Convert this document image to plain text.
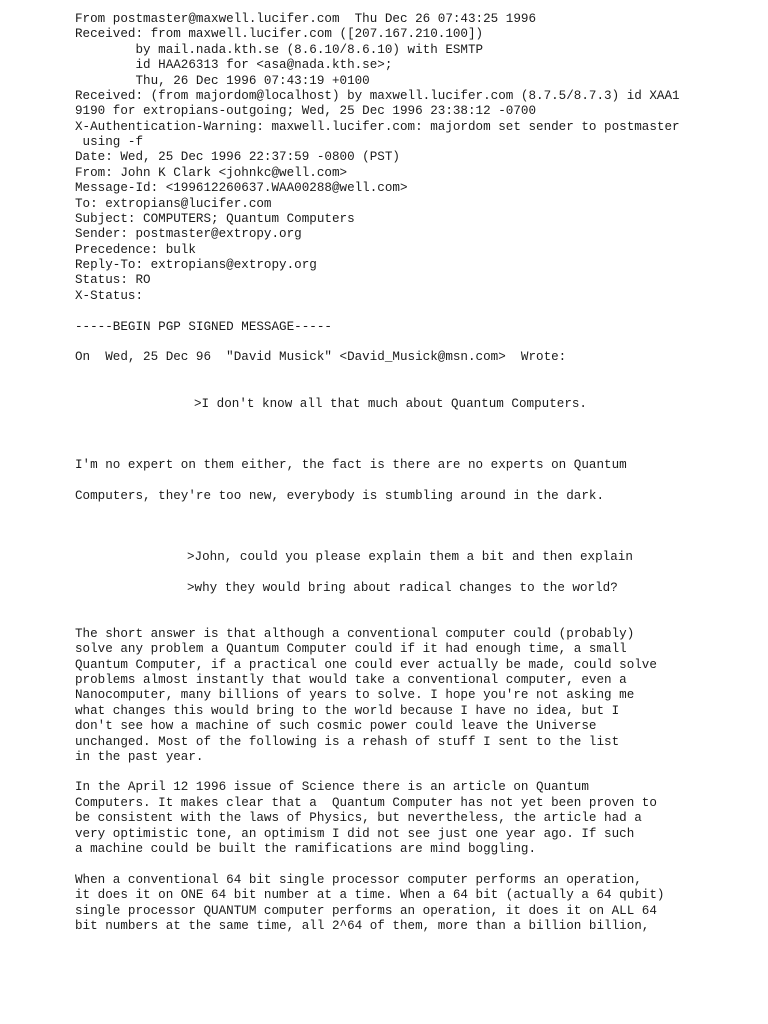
From postmaster@maxwell.lucifer.com  Thu Dec 26 07:43:25 1996

Received: from maxwell.lucifer.com ([207.167.210.100])

by mail.nada.kth.se (8.6.10/8.6.10) with ESMTP

id HAA26313 for <asa@nada.kth.se>;

Thu, 26 Dec 1996 07:43:19 +0100

Received: (from majordom@localhost) by maxwell.lucifer.com (8.7.5/8.7.3) id XAA1

9190 for extropians-outgoing; Wed, 25 Dec 1996 23:38:12 -0700

X-Authentication-Warning: maxwell.lucifer.com: majordom set sender to postmaster

using -f

Date: Wed, 25 Dec 1996 22:37:59 -0800 (PST)

From: John K Clark <johnkc@well.com>

Message-Id: <199612260637.WAA00288@well.com>

To: extropians@lucifer.com

Subject: COMPUTERS; Quantum Computers

Sender: postmaster@extropy.org

Precedence: bulk

Reply-To: extropians@extropy.org

Status: RO

X-Status:

-----BEGIN PGP SIGNED MESSAGE-----

On  Wed, 25 Dec 96  "David Musick" <David_Musick@msn.com>  Wrote:

>I don't know all that much about Quantum Computers.

I'm no expert on them either, the fact is there are no experts on Quantum

Computers, they're too new, everybody is stumbling around in the dark.

>John, could you please explain them a bit and then explain

>why they would bring about radical changes to the world?

The short answer is that although a conventional computer could (probably)

solve any problem a Quantum Computer could if it had enough time, a small

Quantum Computer, if a practical one could ever actually be made, could solve

problems almost instantly that would take a conventional computer, even a

Nanocomputer, many billions of years to solve. I hope you're not asking me

what changes this would bring to the world because I have no idea, but I

don't see how a machine of such cosmic power could leave the Universe

unchanged. Most of the following is a rehash of stuff I sent to the list

in the past year.

In the April 12 1996 issue of Science there is an article on Quantum

Computers. It makes clear that a  Quantum Computer has not yet been proven to

be consistent with the laws of Physics, but nevertheless, the article had a

very optimistic tone, an optimism I did not see just one year ago. If such

a machine could be built the ramifications are mind boggling.

When a conventional 64 bit single processor computer performs an operation,

it does it on ONE 64 bit number at a time. When a 64 bit (actually a 64 qubit)

single processor QUANTUM computer performs an operation, it does it on ALL 64

bit numbers at the same time, all 2^64 of them, more than a billion billion,
